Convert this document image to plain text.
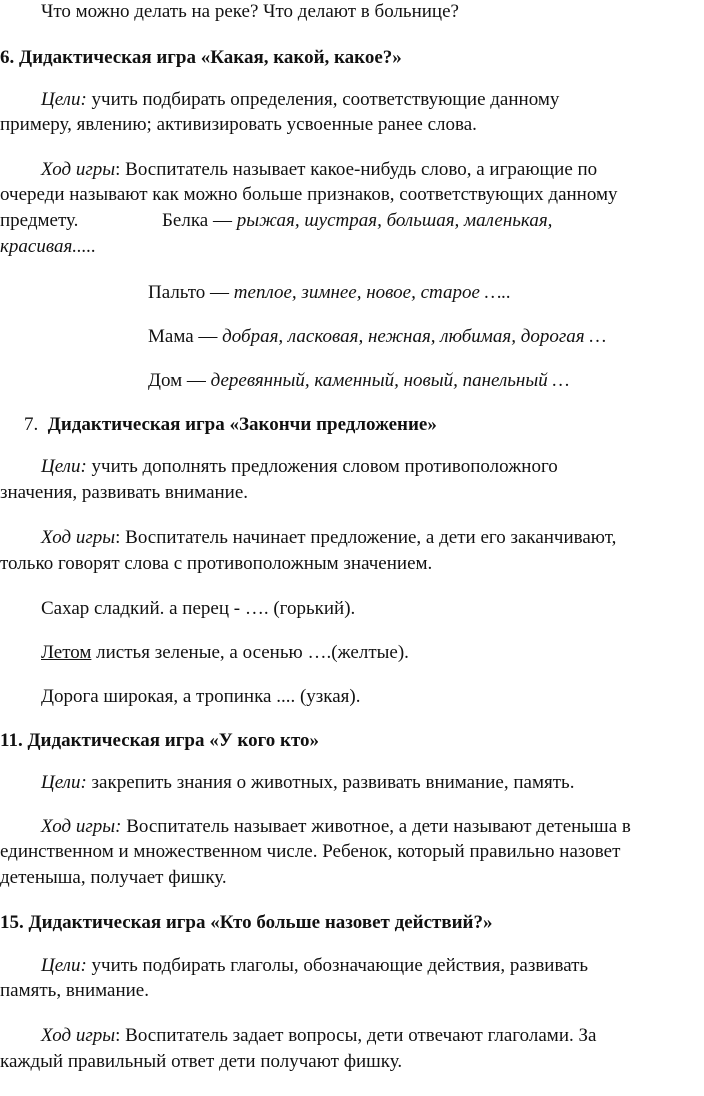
Что можно делать на реке? Что делают в больнице?
6. Дидактическая игра «Какая, какой, какое?»
Цели: учить подбирать определения, соответствующие данному
примеру, явлению; активизировать усвоенные ранее слова.
Ход игры: Воспитатель называет какое-нибудь слово, а играющие по
очереди называют как можно больше признаков, соответствующих данному
предмету.	Белка — рыжая, шустрая, большая, маленькая,
красивая.....
Пальто — теплое, зимнее, новое, старое …..
Мама — добрая, ласковая, нежная, любимая, дорогая …
Дом — деревянный, каменный, новый, панельный …
7. Дидактическая игра «Закончи предложение»
Цели: учить дополнять предложения словом противоположного
значения, развивать внимание.
Ход игры: Воспитатель начинает предложение, а дети его заканчивают,
только говорят слова с противоположным значением.
Сахар сладкий. а перец - …. (горький).
Летом листья зеленые, а осенью ….(желтые).
Дорога широкая, а тропинка .... (узкая).
11. Дидактическая игра «У кого кто»
Цели: закрепить знания о животных, развивать внимание, память.
Ход игры: Воспитатель называет животное, а дети называют детеныша в
единственном и множественном числе. Ребенок, который правильно назовет
детеныша, получает фишку.
15. Дидактическая игра «Кто больше назовет действий?»
Цели: учить подбирать глаголы, обозначающие действия, развивать
память, внимание.
Ход игры: Воспитатель задает вопросы, дети отвечают глаголами. За
каждый правильный ответ дети получают фишку.
